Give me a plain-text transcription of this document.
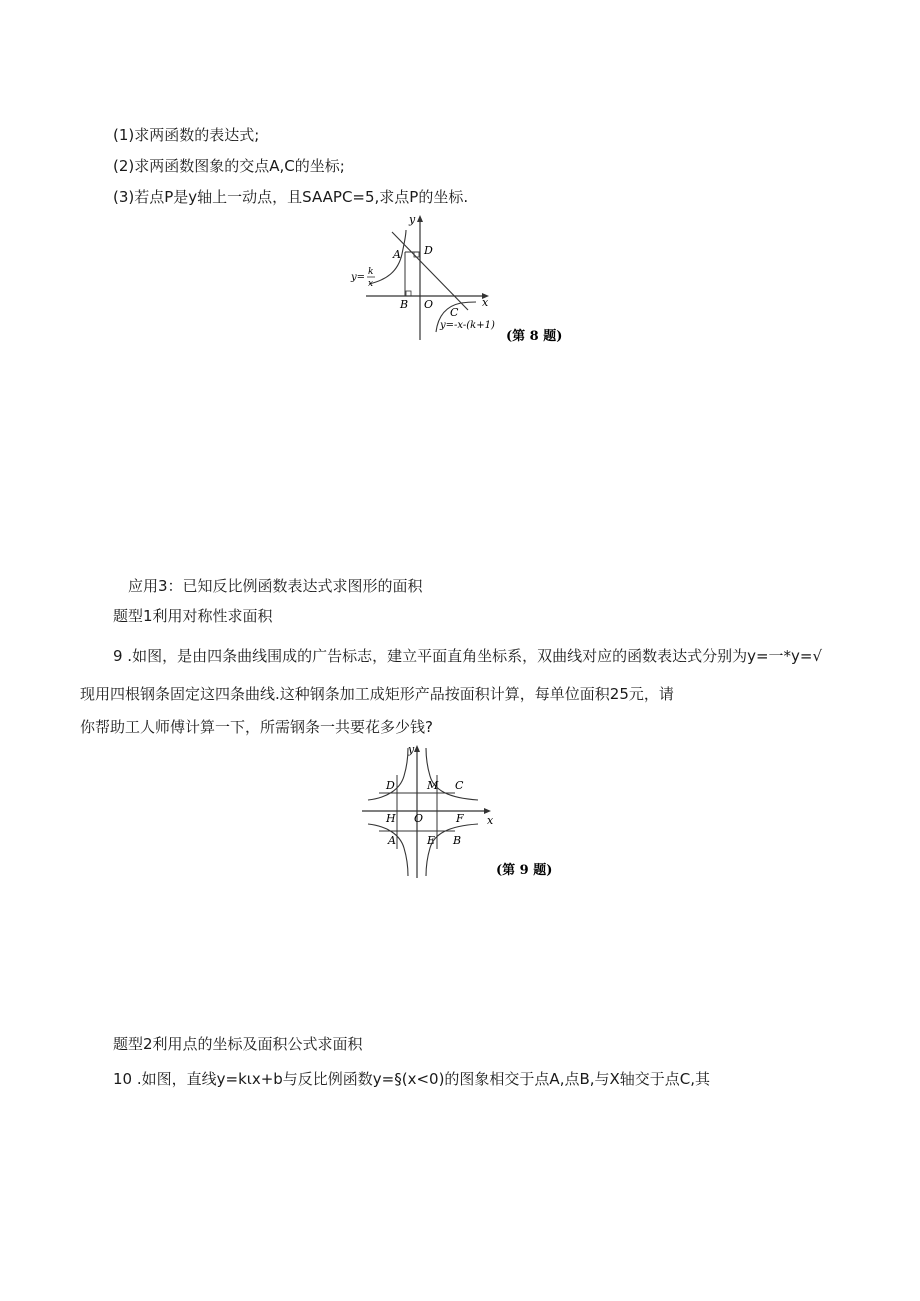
(1)求两函数的表达式;
(2)求两函数图象的交点A,C的坐标;
(3)若点P是y轴上一动点，且SAAPC=5,求点P的坐标.
y
x
A D
B O
C
y= k
x
y=-x-(k+1)
(第 8 题)
应用3：已知反比例函数表达式求图形的面积
题型1利用对称性求面积
9 .如图，是由四条曲线围成的广告标志，建立平面直角坐标系，双曲线对应的函数表达式分别为y=一*y=√
现用四根钢条固定这四条曲线.这种钢条加工成矩形产品按面积计算，每单位面积25元，请
你帮助工人师傅计算一下，所需钢条一共要花多少钱?
y
x
D	M C
H O	F
A	E B
(第 9 题)
题型2利用点的坐标及面积公式求面积
10 .如图，直线y=kιx+b与反比例函数y=§(x<0)的图象相交于点A,点B,与X轴交于点C,其
